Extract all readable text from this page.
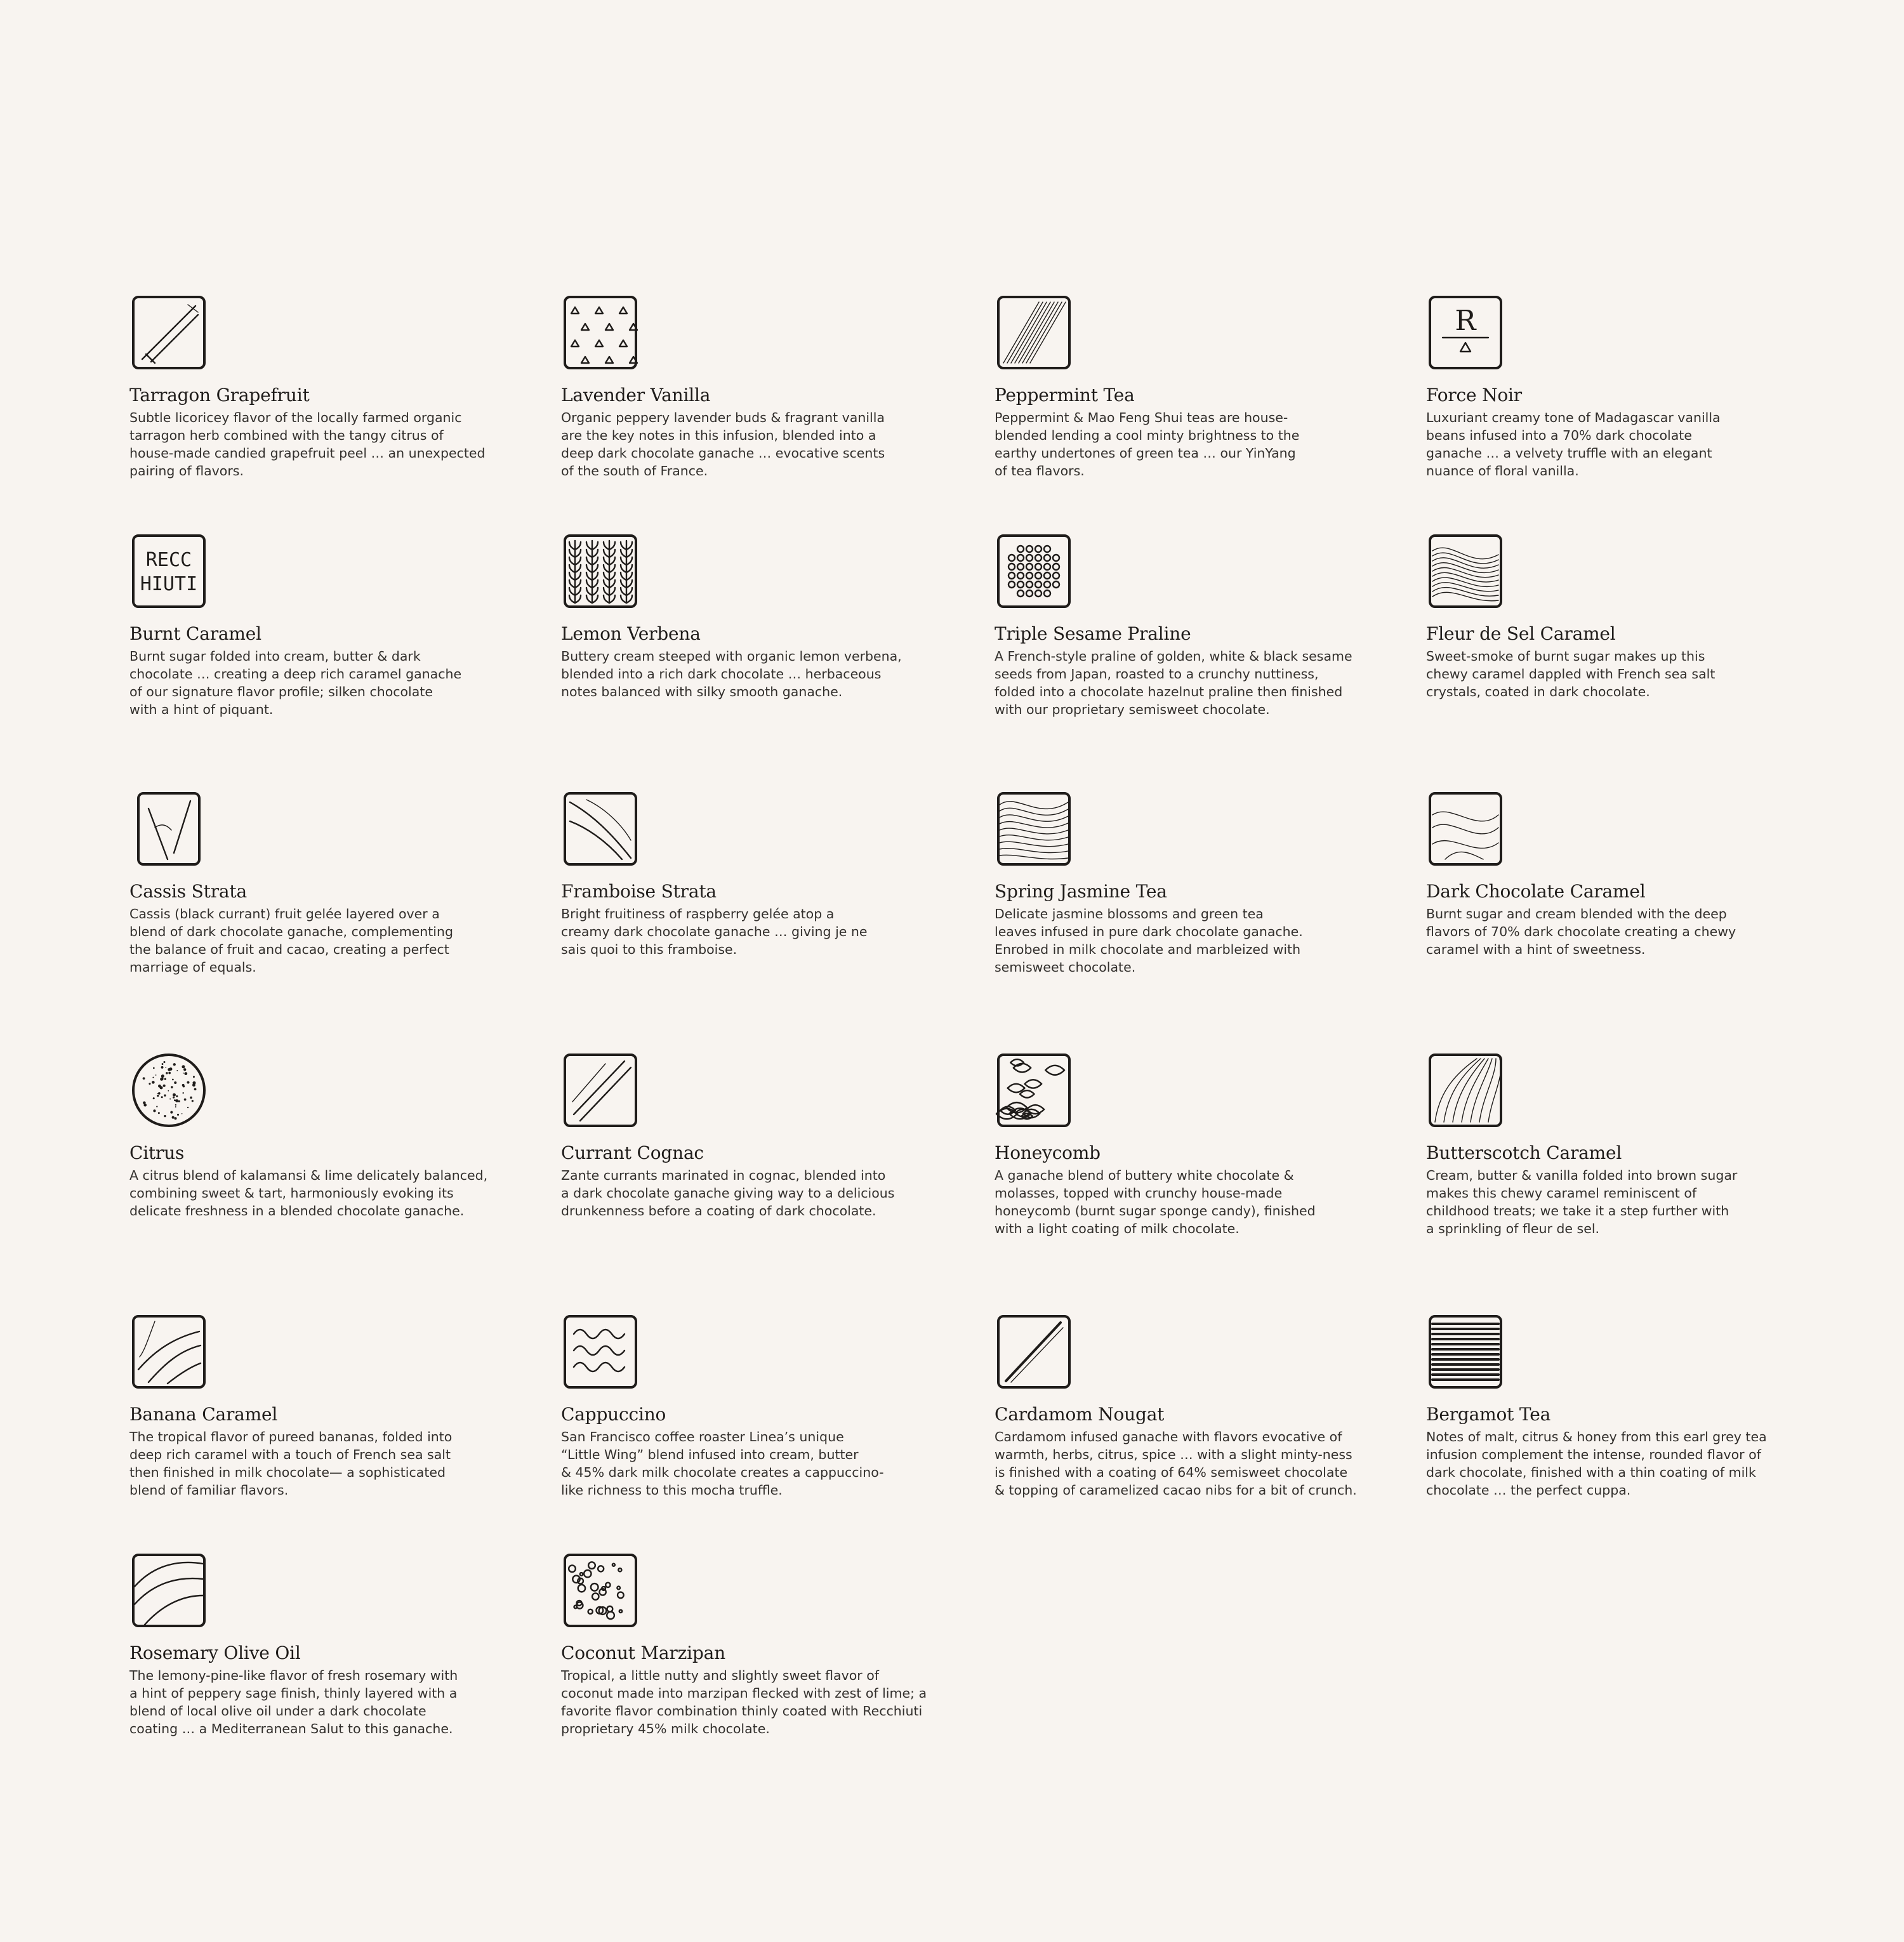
Tarragon Grapefruit

Subtle licoricey flavor of the locally farmed organic
tarragon herb combined with the tangy citrus of
house-made candied grapefruit peel … an unexpected
pairing of flavors.

Lavender Vanilla

Organic peppery lavender buds & fragrant vanilla
are the key notes in this infusion, blended into a
deep dark chocolate ganache … evocative scents
of the south of France.

Peppermint Tea

Peppermint & Mao Feng Shui teas are house-
blended lending a cool minty brightness to the
earthy undertones of green tea … our YinYang
of tea flavors.

R
Force Noir

Luxuriant creamy tone of Madagascar vanilla
beans infused into a 70% dark chocolate
ganache … a velvety truffle with an elegant
nuance of floral vanilla.

RECC
HIUTI
Burnt Caramel

Burnt sugar folded into cream, butter & dark
chocolate … creating a deep rich caramel ganache
of our signature flavor profile; silken chocolate
with a hint of piquant.

Lemon Verbena

Buttery cream steeped with organic lemon verbena,
blended into a rich dark chocolate … herbaceous
notes balanced with silky smooth ganache.

Triple Sesame Praline

A French-style praline of golden, white & black sesame
seeds from Japan, roasted to a crunchy nuttiness,
folded into a chocolate hazelnut praline then finished
with our proprietary semisweet chocolate.

Fleur de Sel Caramel

Sweet-smoke of burnt sugar makes up this
chewy caramel dappled with French sea salt
crystals, coated in dark chocolate.

Cassis Strata

Cassis (black currant) fruit gelée layered over a
blend of dark chocolate ganache, complementing
the balance of fruit and cacao, creating a perfect
marriage of equals.

Framboise Strata

Bright fruitiness of raspberry gelée atop a
creamy dark chocolate ganache … giving je ne
sais quoi to this framboise.

Spring Jasmine Tea

Delicate jasmine blossoms and green tea
leaves infused in pure dark chocolate ganache.
Enrobed in milk chocolate and marbleized with
semisweet chocolate.

Dark Chocolate Caramel

Burnt sugar and cream blended with the deep
flavors of 70% dark chocolate creating a chewy
caramel with a hint of sweetness.

Citrus

A citrus blend of kalamansi & lime delicately balanced,
combining sweet & tart, harmoniously evoking its
delicate freshness in a blended chocolate ganache.

Currant Cognac

Zante currants marinated in cognac, blended into
a dark chocolate ganache giving way to a delicious
drunkenness before a coating of dark chocolate.

Honeycomb

A ganache blend of buttery white chocolate &
molasses, topped with crunchy house-made
honeycomb (burnt sugar sponge candy), finished
with a light coating of milk chocolate.

Butterscotch Caramel

Cream, butter & vanilla folded into brown sugar
makes this chewy caramel reminiscent of
childhood treats; we take it a step further with
a sprinkling of fleur de sel.

Banana Caramel

The tropical flavor of pureed bananas, folded into
deep rich caramel with a touch of French sea salt
then finished in milk chocolate— a sophisticated
blend of familiar flavors.

Cappuccino

San Francisco coffee roaster Linea’s unique
“Little Wing” blend infused into cream, butter
& 45% dark milk chocolate creates a cappuccino-
like richness to this mocha truffle.

Cardamom Nougat

Cardamom infused ganache with flavors evocative of
warmth, herbs, citrus, spice … with a slight minty-ness
is finished with a coating of 64% semisweet chocolate
& topping of caramelized cacao nibs for a bit of crunch.

Bergamot Tea

Notes of malt, citrus & honey from this earl grey tea
infusion complement the intense, rounded flavor of
dark chocolate, finished with a thin coating of milk
chocolate … the perfect cuppa.

Rosemary Olive Oil

The lemony-pine-like flavor of fresh rosemary with
a hint of peppery sage finish, thinly layered with a
blend of local olive oil under a dark chocolate
coating … a Mediterranean Salut to this ganache.

Coconut Marzipan

Tropical, a little nutty and slightly sweet flavor of
coconut made into marzipan flecked with zest of lime; a
favorite flavor combination thinly coated with Recchiuti
proprietary 45% milk chocolate.
